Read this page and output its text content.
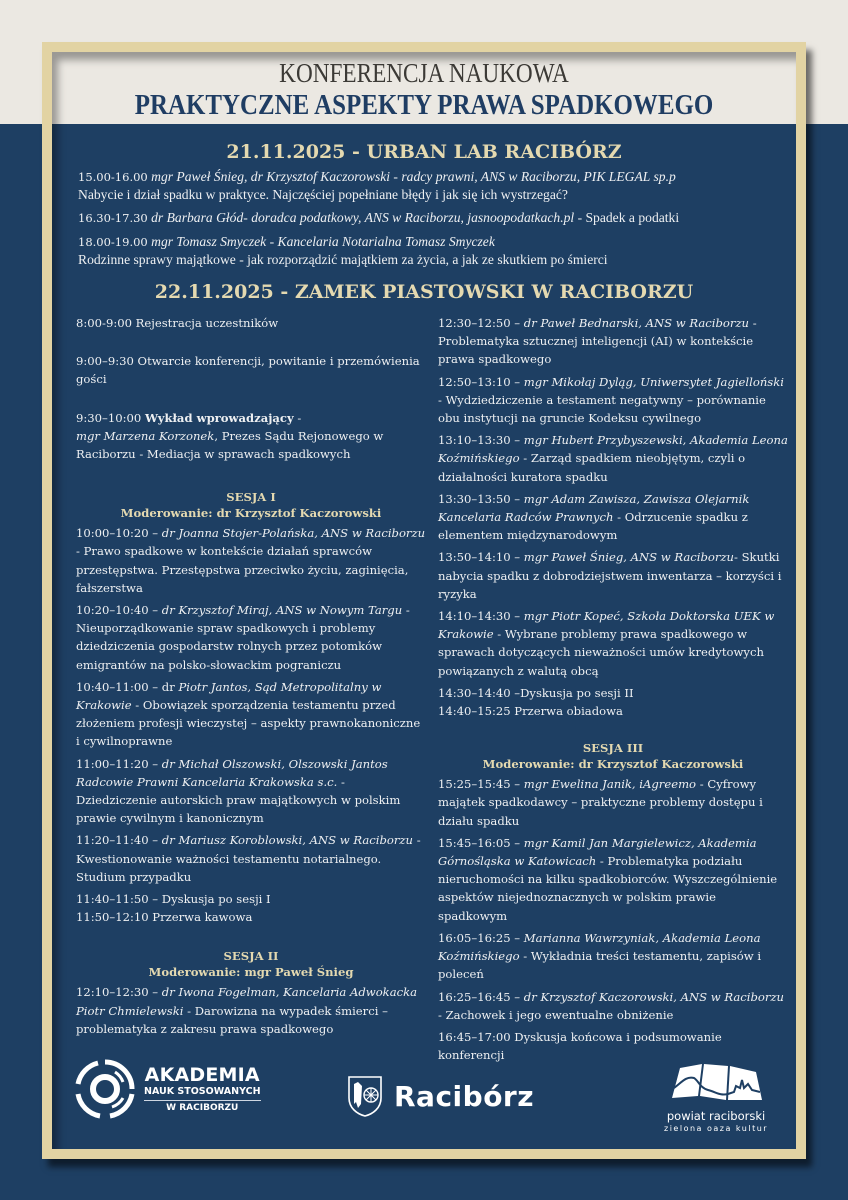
KONFERENCJA NAUKOWA
PRAKTYCZNE ASPEKTY PRAWA SPADKOWEGO
21.11.2025 - URBAN LAB RACIBÓRZ
15.00-16.00 mgr Paweł Śnieg, dr Krzysztof Kaczorowski - radcy prawni, ANS w Raciborzu, PIK LEGAL sp.p
Nabycie i dział spadku w praktyce. Najczęściej popełniane błędy i jak się ich wystrzegać?
16.30-17.30 dr Barbara Głód- doradca podatkowy, ANS w Raciborzu, jasnoopodatkach.pl - Spadek a podatki
18.00-19.00 mgr Tomasz Smyczek - Kancelaria Notarialna Tomasz Smyczek
Rodzinne sprawy majątkowe - jak rozporządzić majątkiem za życia, a jak ze skutkiem po śmierci
22.11.2025 - ZAMEK PIASTOWSKI W RACIBORZU
8:00-9:00 Rejestracja uczestników
9:00–9:30 Otwarcie konferencji, powitanie i przemówienia gości
9:30–10:00 Wykład wprowadzający -
mgr Marzena Korzonek, Prezes Sądu Rejonowego w Raciborzu - Mediacja w sprawach spadkowych
SESJA I
Moderowanie: dr Krzysztof Kaczorowski
10:00–10:20 – dr Joanna Stojer-Polańska, ANS w Raciborzu - Prawo spadkowe w kontekście działań sprawców przestępstwa. Przestępstwa przeciwko życiu, zaginięcia, fałszerstwa
10:20–10:40 – dr Krzysztof Miraj, ANS w Nowym Targu - Nieuporządkowanie spraw spadkowych i problemy dziedziczenia gospodarstw rolnych przez potomków emigrantów na polsko-słowackim pograniczu
10:40–11:00 – dr Piotr Jantos, Sąd Metropolitalny w Krakowie - Obowiązek sporządzenia testamentu przed złożeniem profesji wieczystej – aspekty prawnokanoniczne i cywilnoprawne
11:00–11:20 – dr Michał Olszowski, Olszowski Jantos Radcowie Prawni Kancelaria Krakowska s.c. - Dziedziczenie autorskich praw majątkowych w polskim prawie cywilnym i kanonicznym
11:20–11:40 – dr Mariusz Koroblowski, ANS w Raciborzu - Kwestionowanie ważności testamentu notarialnego. Studium przypadku
11:40–11:50 – Dyskusja po sesji I
11:50–12:10 Przerwa kawowa
SESJA II
Moderowanie: mgr Paweł Śnieg
12:10–12:30 – dr Iwona Fogelman, Kancelaria Adwokacka Piotr Chmielewski - Darowizna na wypadek śmierci – problematyka z zakresu prawa spadkowego
12:30–12:50 – dr Paweł Bednarski, ANS w Raciborzu - Problematyka sztucznej inteligencji (AI) w kontekście prawa spadkowego
12:50–13:10 – mgr Mikołaj Dyląg, Uniwersytet Jagielloński - Wydziedziczenie a testament negatywny – porównanie obu instytucji na gruncie Kodeksu cywilnego
13:10–13:30 – mgr Hubert Przybyszewski, Akademia Leona Koźmińskiego - Zarząd spadkiem nieobjętym, czyli o działalności kuratora spadku
13:30–13:50 – mgr Adam Zawisza, Zawisza Olejarnik Kancelaria Radców Prawnych - Odrzucenie spadku z elementem międzynarodowym
13:50–14:10 – mgr Paweł Śnieg, ANS w Raciborzu- Skutki nabycia spadku z dobrodziejstwem inwentarza – korzyści i ryzyka
14:10–14:30 – mgr Piotr Kopeć, Szkoła Doktorska UEK w Krakowie - Wybrane problemy prawa spadkowego w sprawach dotyczących nieważności umów kredytowych powiązanych z walutą obcą
14:30–14:40 –Dyskusja po sesji II
14:40–15:25 Przerwa obiadowa
SESJA III
Moderowanie: dr Krzysztof Kaczorowski
15:25–15:45 – mgr Ewelina Janik, iAgreemo - Cyfrowy majątek spadkodawcy – praktyczne problemy dostępu i działu spadku
15:45–16:05 – mgr Kamil Jan Margielewicz, Akademia Górnośląska w Katowicach - Problematyka podziału nieruchomości na kilku spadkobiorców. Wyszczególnienie aspektów niejednoznacznych w polskim prawie spadkowym
16:05–16:25 – Marianna Wawrzyniak, Akademia Leona Koźmińskiego - Wykładnia treści testamentu, zapisów i poleceń
16:25–16:45 – dr Krzysztof Kaczorowski, ANS w Raciborzu - Zachowek i jego ewentualne obniżenie
16:45–17:00 Dyskusja końcowa i podsumowanie konferencji
AKADEMIA
NAUK STOSOWANYCH
W RACIBORZU	Racibórz
powiat raciborski
zielona oaza kultur
